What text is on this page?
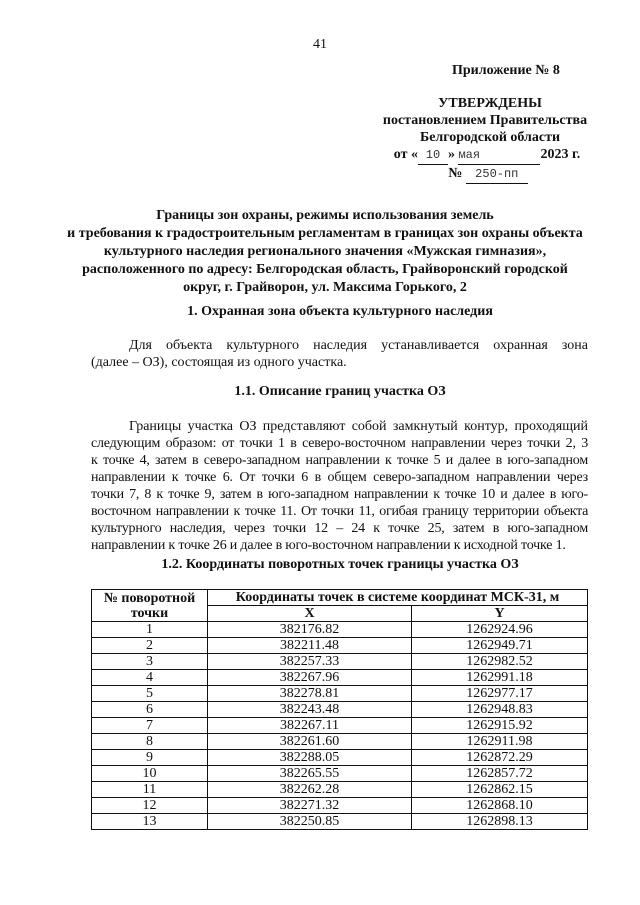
41
Приложение № 8
УТВЕРЖДЕНЫ
постановлением Правительства
Белгородской области
от « 10 » мая	2023 г.
№ 250-пп
Границы зон охраны, режимы использования земель
и требования к градостроительным регламентам в границах зон охраны объекта
культурного наследия регионального значения «Мужская гимназия»,
расположенного по адресу: Белгородская область, Грайворонский городской
округ, г. Грайворон, ул. Максима Горького, 2
1. Охранная зона объекта культурного наследия
Для объекта культурного наследия устанавливается охранная зона
(далее – ОЗ), состоящая из одного участка.
1.1. Описание границ участка ОЗ
Границы участка ОЗ представляют собой замкнутый контур, проходящий
следующим образом: от точки 1 в северо-восточном направлении через точки 2, 3
к точке 4, затем в северо-западном направлении к точке 5 и далее в юго-западном
направлении к точке 6. От точки 6 в общем северо-западном направлении через
точки 7, 8 к точке 9, затем в юго-западном направлении к точке 10 и далее в юго-
восточном направлении к точке 11. От точки 11, огибая границу территории объекта
культурного наследия, через точки 12 – 24 к точке 25, затем в юго-западном
направлении к точке 26 и далее в юго-восточном направлении к исходной точке 1.
1.2. Координаты поворотных точек границы участка ОЗ
№ поворотной точки	Координаты точек в системе координат МСК-31, м	
	X	Y
1	382176.82	1262924.96
2	382211.48	1262949.71
3	382257.33	1262982.52
4	382267.96	1262991.18
5	382278.81	1262977.17
6	382243.48	1262948.83
7	382267.11	1262915.92
8	382261.60	1262911.98
9	382288.05	1262872.29
10	382265.55	1262857.72
11	382262.28	1262862.15
12	382271.32	1262868.10
13	382250.85	1262898.13
